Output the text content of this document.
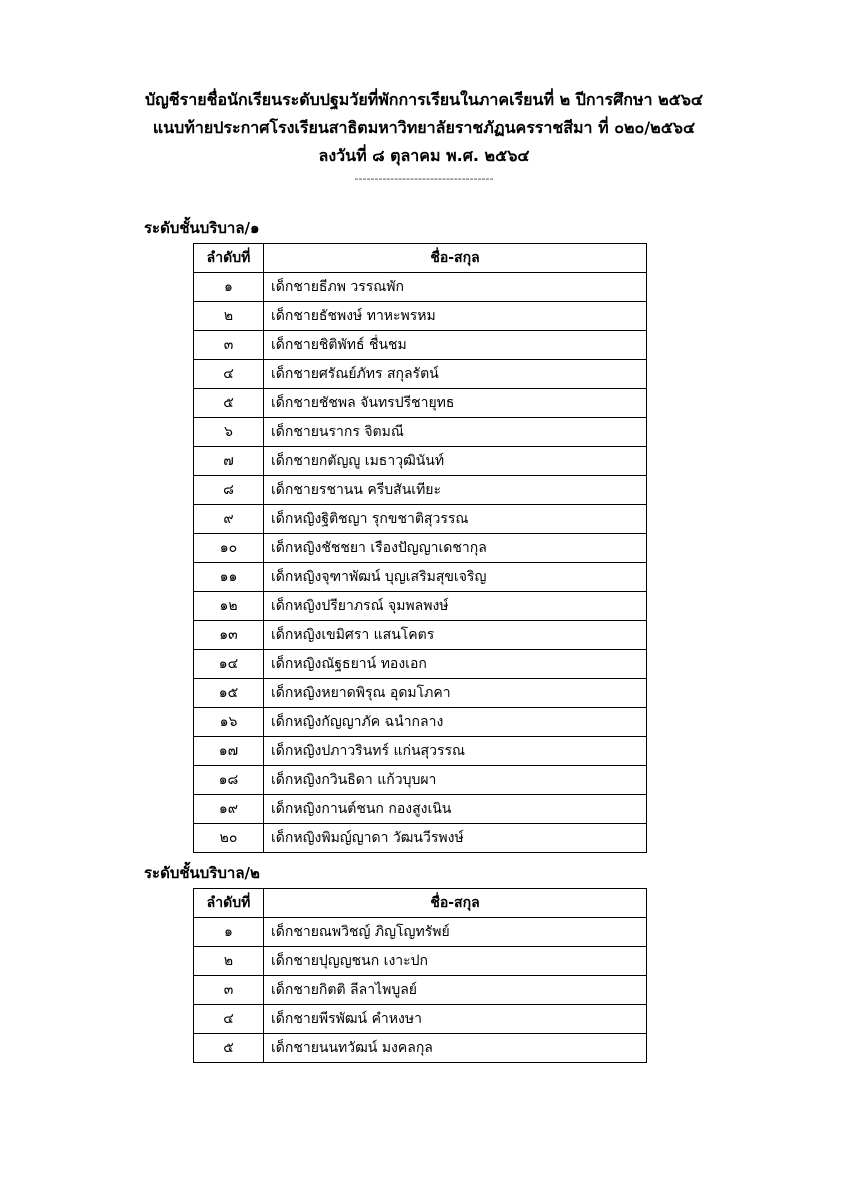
บัญชีรายชื่อนักเรียนระดับปฐมวัยที่พักการเรียนในภาคเรียนที่ ๒ ปีการศึกษา ๒๕๖๔
แนบท้ายประกาศโรงเรียนสาธิตมหาวิทยาลัยราชภัฏนครราชสีมา ที่ ๐๒๐/๒๕๖๔
ลงวันที่ ๘ ตุลาคม พ.ศ. ๒๕๖๔
-----------------------------------
ระดับชั้นบริบาล/๑
ลำดับที่	ชื่อ-สกุล
๑	เด็กชายธีภพ วรรณพัก
๒	เด็กชายธัชพงษ์ ทาหะพรหม
๓	เด็กชายชิติพัทธ์ ชื่นชม
๔	เด็กชายศรัณย์ภัทร สกุลรัตน์
๕	เด็กชายชัชพล จันทรปรีชายุทธ
๖	เด็กชายนรากร จิตมณี
๗	เด็กชายกตัญญู เมธาวุฒินันท์
๘	เด็กชายรชานน ครีบสันเทียะ
๙	เด็กหญิงฐิติชญา รุกขชาติสุวรรณ
๑๐	เด็กหญิงชัชชยา เรืองปัญญาเดชากุล
๑๑	เด็กหญิงจุฑาพัฒน์ บุญเสริมสุขเจริญ
๑๒	เด็กหญิงปรียาภรณ์ จุมพลพงษ์
๑๓	เด็กหญิงเขมิศรา แสนโคตร
๑๔	เด็กหญิงณัฐธยาน์ ทองเอก
๑๕	เด็กหญิงหยาดพิรุณ อุดมโภคา
๑๖	เด็กหญิงกัญญาภัค ฉนำกลาง
๑๗	เด็กหญิงปภาวรินทร์ แก่นสุวรรณ
๑๘	เด็กหญิงกวินธิดา แก้วบุบผา
๑๙	เด็กหญิงกานต์ชนก กองสูงเนิน
๒๐	เด็กหญิงพิมญ์ญาดา วัฒนวีรพงษ์
ระดับชั้นบริบาล/๒
ลำดับที่	ชื่อ-สกุล
๑	เด็กชายณพวิชญ์ ภิญโญทรัพย์
๒	เด็กชายปุญญชนก เงาะปก
๓	เด็กชายกิตติ ลีลาไพบูลย์
๔	เด็กชายพีรพัฒน์ คำหงษา
๕	เด็กชายนนทวัฒน์ มงคลกุล
